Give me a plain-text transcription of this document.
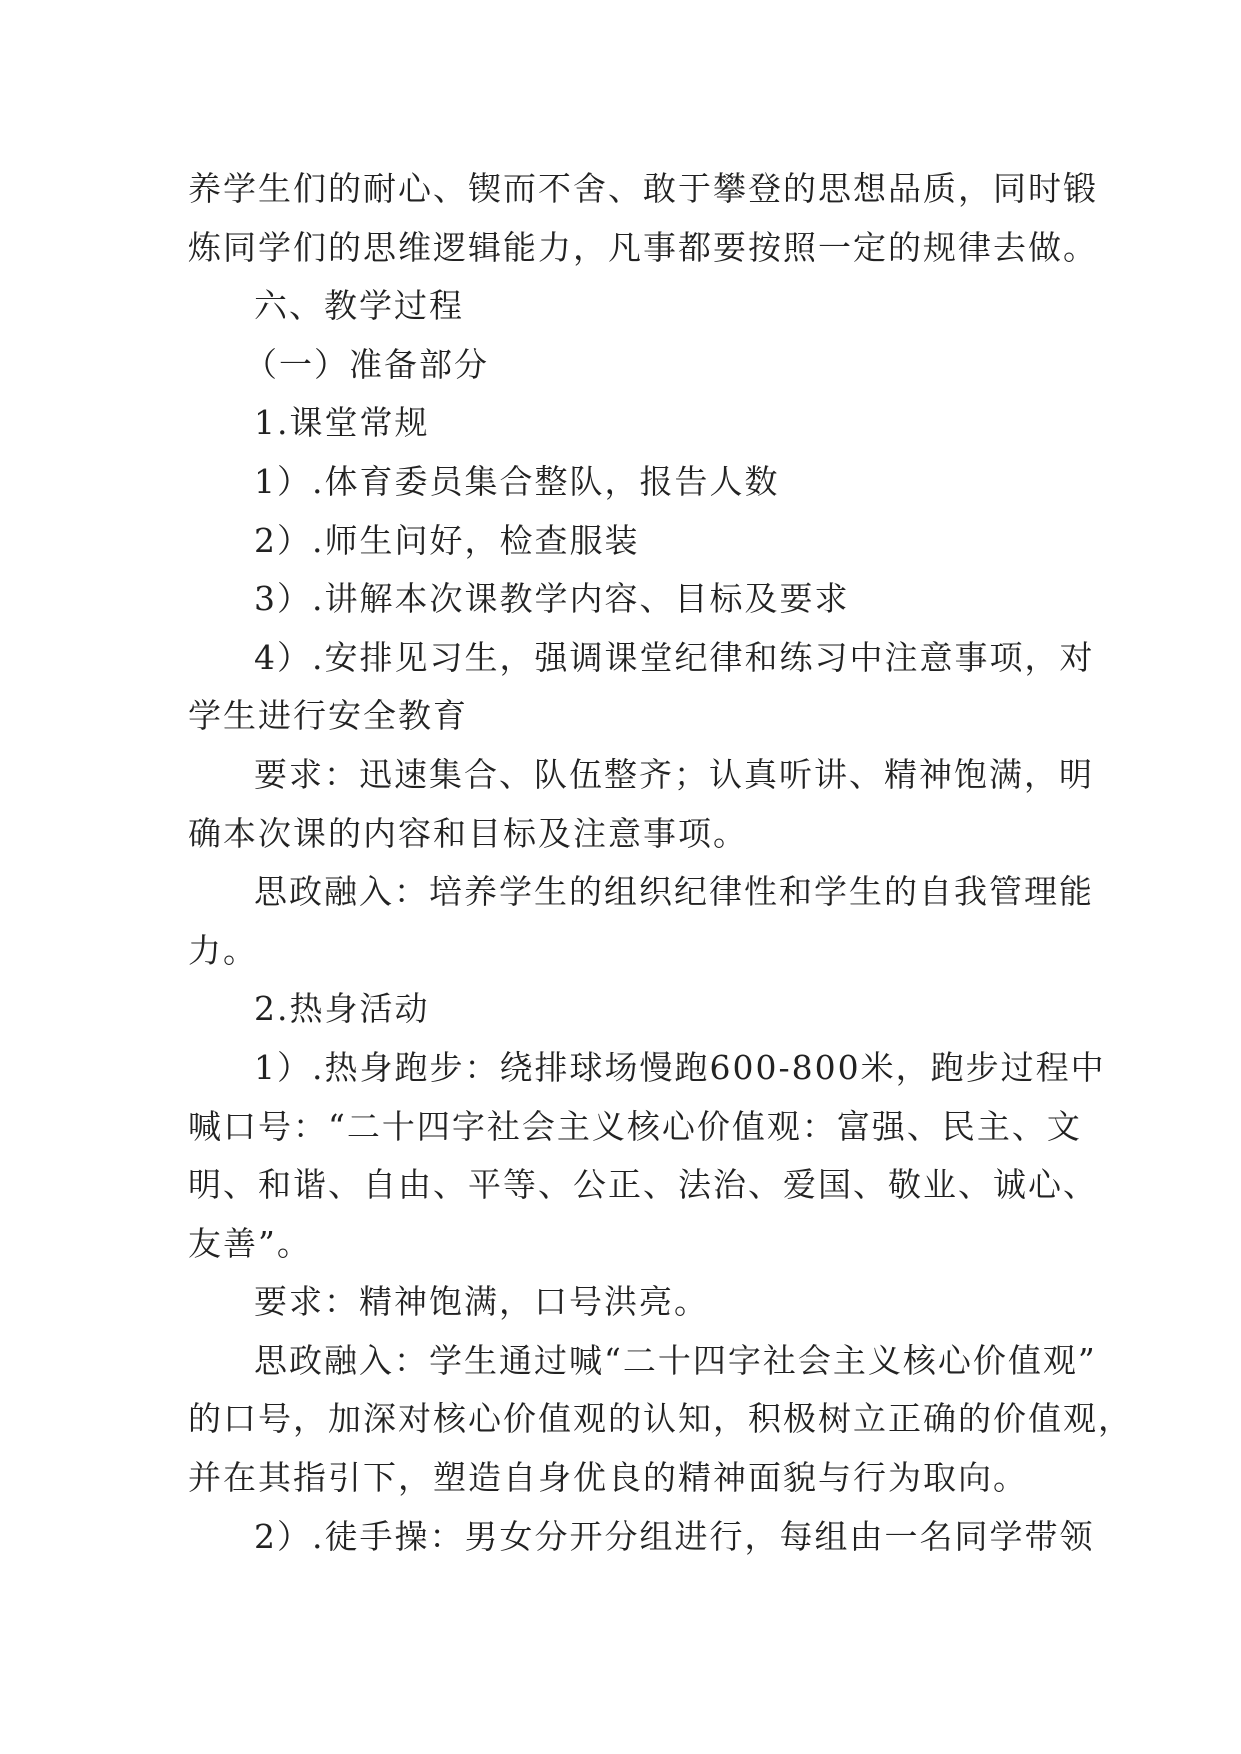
养学生们的耐心、锲而不舍、敢于攀登的思想品质，同时锻
炼同学们的思维逻辑能力，凡事都要按照一定的规律去做。
六、教学过程
（一）准备部分
1.课堂常规
1）.体育委员集合整队，报告人数
2）.师生问好，检查服装
3）.讲解本次课教学内容、目标及要求
4）.安排见习生，强调课堂纪律和练习中注意事项，对
学生进行安全教育
要求：迅速集合、队伍整齐；认真听讲、精神饱满，明
确本次课的内容和目标及注意事项。
思政融入：培养学生的组织纪律性和学生的自我管理能
力。
2.热身活动
1）.热身跑步：绕排球场慢跑600-800米，跑步过程中
喊口号：“二十四字社会主义核心价值观：富强、民主、文
明、和谐、自由、平等、公正、法治、爱国、敬业、诚心、
友善”。
要求：精神饱满，口号洪亮。
思政融入：学生通过喊“二十四字社会主义核心价值观”
的口号，加深对核心价值观的认知，积极树立正确的价值观，
并在其指引下，塑造自身优良的精神面貌与行为取向。
2）.徒手操：男女分开分组进行，每组由一名同学带领
